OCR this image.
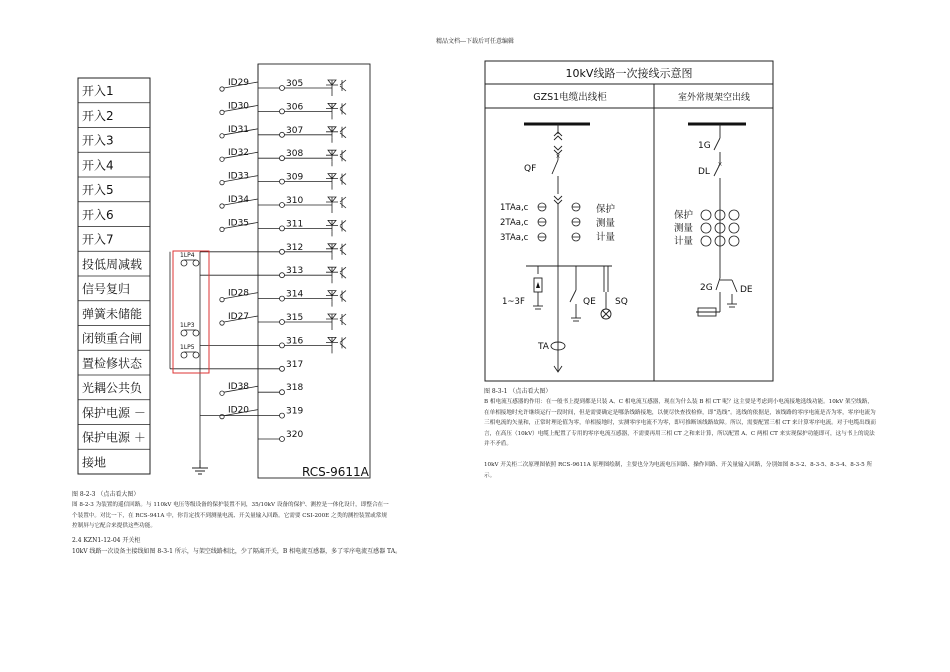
精品文档---下载后可任意编辑
开入1
开入2
开入3
开入4
开入5
开入6
开入7
投低周减载
信号复归
弹簧未储能
闭锁重合闸
置检修状态
光耦公共负
保护电源 －
保护电源 ＋
接地
RCS-9611A
305
306
307
308
309
310
311
312
313
314
315
316
317
318
319
320
ID29
ID30
ID31
ID32
ID33
ID34
ID35
ID28
ID27
ID38
ID20
1LP4
1LP3
1LP5
图 8-2-3 （点击看大图）
图 8-2-3 为装置的遥信回路。与 110kV 电压等级设备的保护装置不同，35/10kV 设备的保护、测控是一体化设计，即整合在一个装置中。对比一下，在 RCS-941A 中，你肯定找不到测量电流、开关量输入回路。它需要 CSI-200E 之类的测控装置或常规控制屏与它配合来提供这些功能。
2.4 KZN1-12-04 开关柜
10kV 线路一次设备主接线如图 8-3-1 所示，与架空线路相比，少了隔离开关，B 相电流互感器，多了零序电流互感器 TA。
10kV线路一次接线示意图
GZS1电缆出线柜	室外常规架空出线
×
QF
1TAa,c
2TAa,c
3TAa,c
保护
测量
计量
1~3F	QE SQ
TA
×
1G
DL
保护
测量
计量
2G	DE
图 8-3-1 （点击看大图）
B 相电流互感器的作用：在一般书上提到都是只装 A、C 相电流互感器，现在为什么装 B 相 CT 呢？这主要是考虑到小电流接地选线功能。10kV 架空线路，在单相接地时允许继续运行一段时间，但是需要确定是哪条线路接地，以便尽快查找检修，即“选线”。选线的依据是，该线路的零序电流是否为零，零序电流为三相电流的矢量和，正常时理论值为零，单相接地时，实测零序电流不为零，即可推断该线路故障。所以，需要配置三相 CT 来计算零序电流。对于电缆出线而言，在高压（10kV）电缆上配置了专用的零序电流互感器，不需要再用三相 CT 之和来计算，所以配置 A、C 两相 CT 来实现保护功能即可，这与书上的说法并不矛盾。
10kV 开关柜二次原理图依照 RCS-9611A 原理图绘制，主要也分为电流电压回路、操作回路、开关量输入回路，分别如图 8-3-2、8-3-5、8-3-4、8-3-5 所示。
